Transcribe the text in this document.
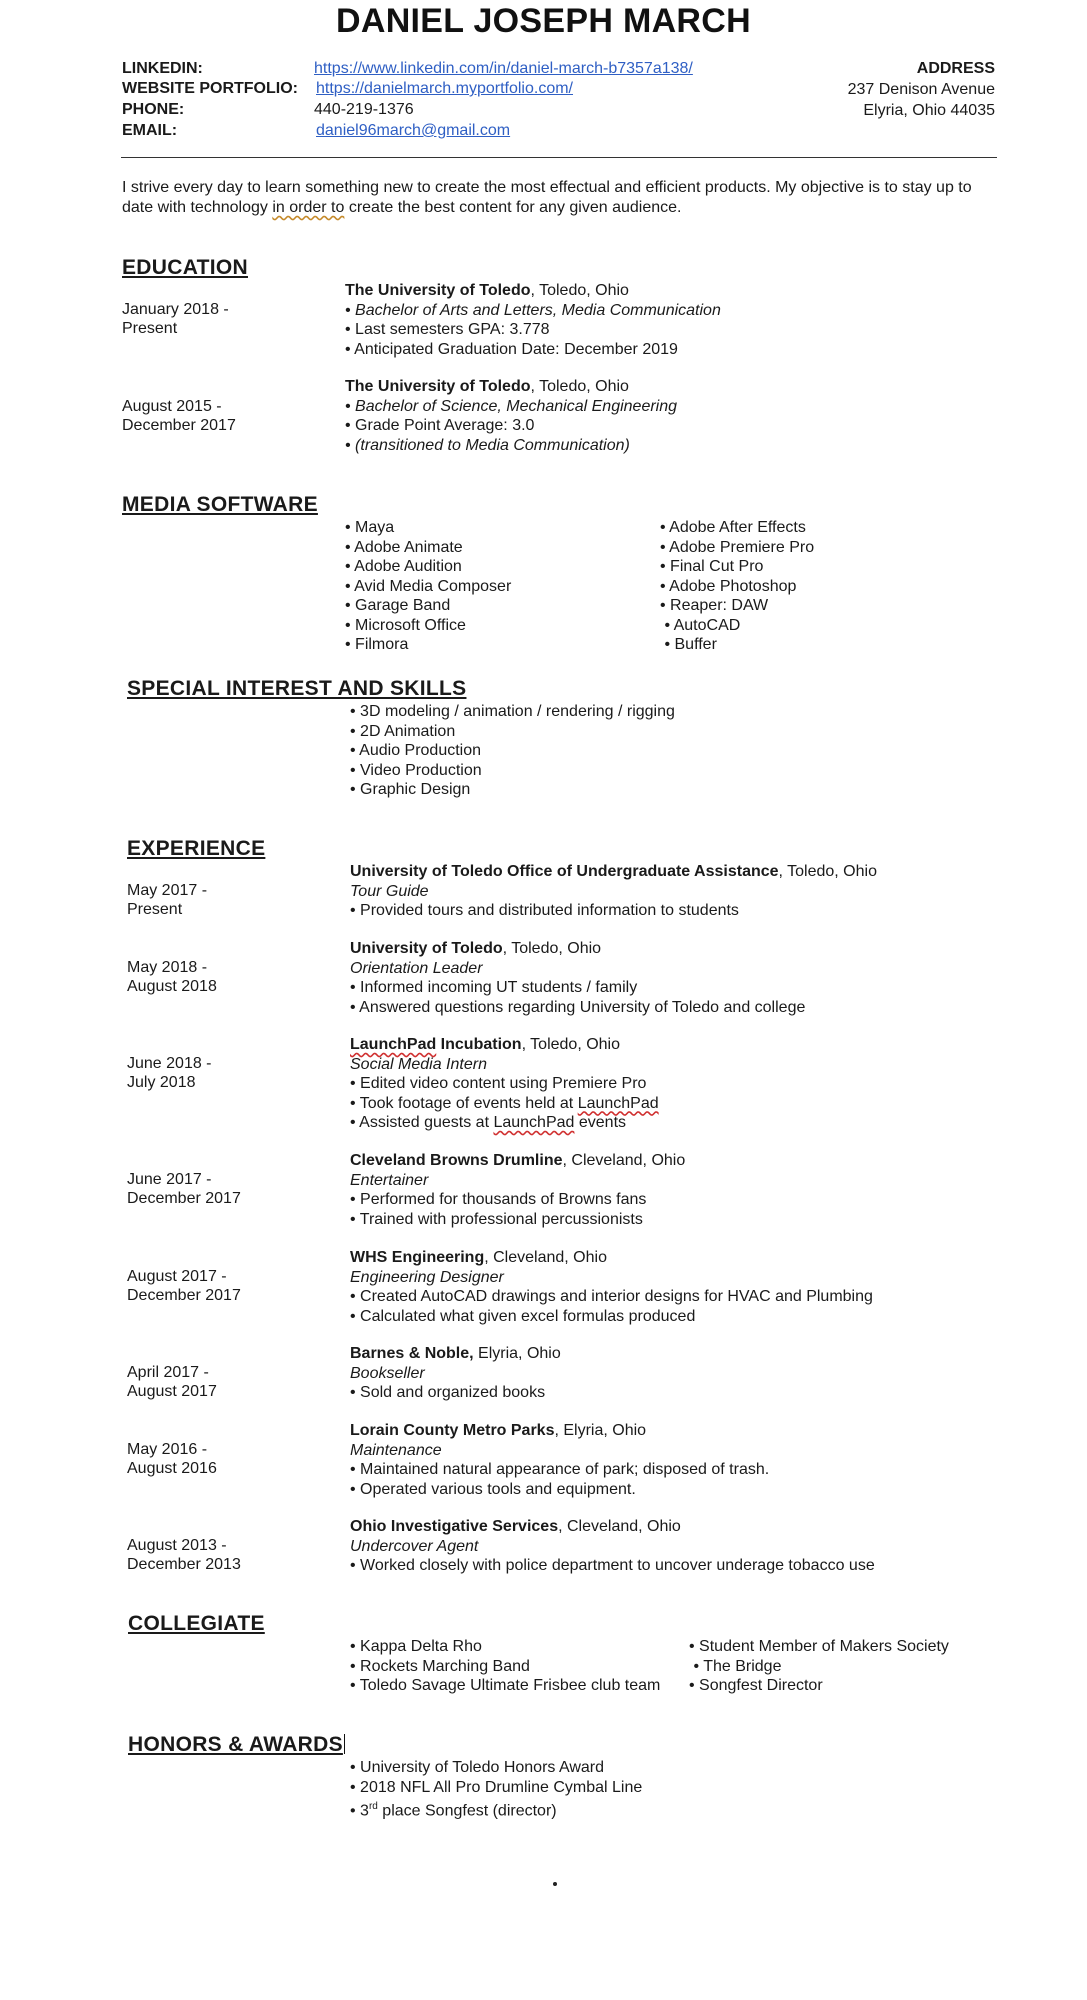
DANIEL JOSEPH MARCH
LINKEDIN:	https://www.linkedin.com/in/daniel-march-b7357a138/
WEBSITE PORTFOLIO: https://danielmarch.myportfolio.com/
PHONE:	440-219-1376
EMAIL:	daniel96march@gmail.com
ADDRESS
237 Denison Avenue
Elyria, Ohio 44035
I strive every day to learn something new to create the most effectual and efficient products. My objective is to stay up to date with technology in order to create the best content for any given audience.
EDUCATION
January 2018 -
Present
The University of Toledo, Toledo, Ohio
• Bachelor of Arts and Letters, Media Communication
• Last semesters GPA: 3.778
• Anticipated Graduation Date: December 2019
August 2015 -
December 2017
The University of Toledo, Toledo, Ohio
• Bachelor of Science, Mechanical Engineering
• Grade Point Average: 3.0
• (transitioned to Media Communication)
MEDIA SOFTWARE
• Maya
• Adobe Animate
• Adobe Audition
• Avid Media Composer
• Garage Band
• Microsoft Office
• Filmora
• Adobe After Effects
• Adobe Premiere Pro
• Final Cut Pro
• Adobe Photoshop
• Reaper: DAW
• AutoCAD
• Buffer
SPECIAL INTEREST AND SKILLS
• 3D modeling / animation / rendering / rigging
• 2D Animation
• Audio Production
• Video Production
• Graphic Design
EXPERIENCE
May 2017 -
Present
University of Toledo Office of Undergraduate Assistance, Toledo, Ohio
Tour Guide
• Provided tours and distributed information to students
May 2018 -
August 2018
University of Toledo, Toledo, Ohio
Orientation Leader
• Informed incoming UT students / family
• Answered questions regarding University of Toledo and college
June 2018 -
July 2018
LaunchPad Incubation, Toledo, Ohio
Social Media Intern
• Edited video content using Premiere Pro
• Took footage of events held at LaunchPad
• Assisted guests at LaunchPad events
June 2017 -
December 2017
Cleveland Browns Drumline, Cleveland, Ohio
Entertainer
• Performed for thousands of Browns fans
• Trained with professional percussionists
August 2017 -
December 2017
WHS Engineering, Cleveland, Ohio
Engineering Designer
• Created AutoCAD drawings and interior designs for HVAC and Plumbing
• Calculated what given excel formulas produced
April 2017 -
August 2017
Barnes & Noble, Elyria, Ohio
Bookseller
• Sold and organized books
May 2016 -
August 2016
Lorain County Metro Parks, Elyria, Ohio
Maintenance
• Maintained natural appearance of park; disposed of trash.
• Operated various tools and equipment.
August 2013 -
December 2013
Ohio Investigative Services, Cleveland, Ohio
Undercover Agent
• Worked closely with police department to uncover underage tobacco use
COLLEGIATE
• Kappa Delta Rho
• Rockets Marching Band
• Toledo Savage Ultimate Frisbee club team
• Student Member of Makers Society
• The Bridge
• Songfest Director
HONORS & AWARDS
• University of Toledo Honors Award
• 2018 NFL All Pro Drumline Cymbal Line
• 3rd place Songfest (director)
